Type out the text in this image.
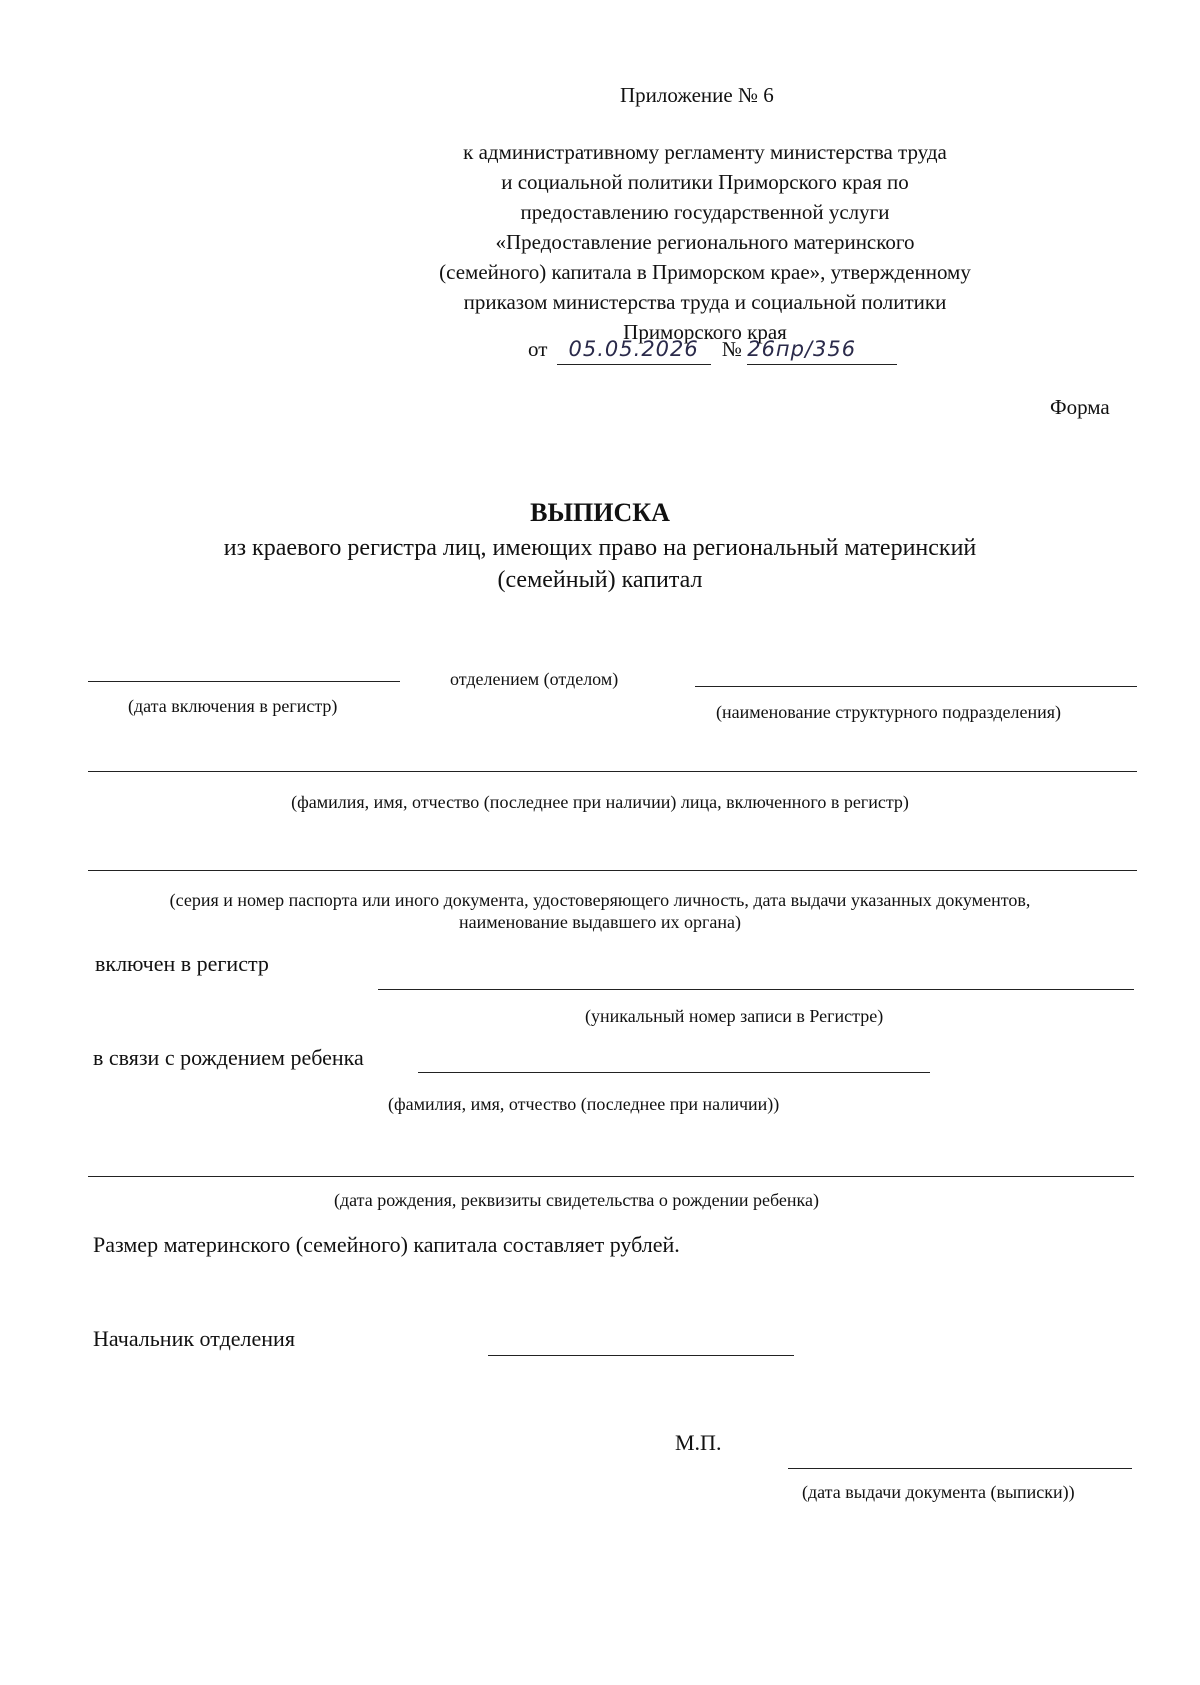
Приложение № 6
к административному регламенту министерства труда
и социальной политики Приморского края по
предоставлению государственной услуги
«Предоставление регионального материнского
(семейного) капитала в Приморском крае», утвержденному
приказом министерства труда и социальной политики
Приморского края
от 05.05.2026 № 26пр/356
Форма
ВЫПИСКА
из краевого регистра лиц, имеющих право на региональный материнский
(семейный) капитал
отделением (отделом)
(дата включения в регистр)	(наименование структурного подразделения)
(фамилия, имя, отчество (последнее при наличии) лица, включенного в регистр)
(серия и номер паспорта или иного документа, удостоверяющего личность, дата выдачи указанных документов,
наименование выдавшего их органа)
включен в регистр
(уникальный номер записи в Регистре)
в связи с рождением ребенка
(фамилия, имя, отчество (последнее при наличии))
(дата рождения, реквизиты свидетельства о рождении ребенка)
Размер материнского (семейного) капитала составляет рублей.
Начальник отделения
М.П.
(дата выдачи документа (выписки))
